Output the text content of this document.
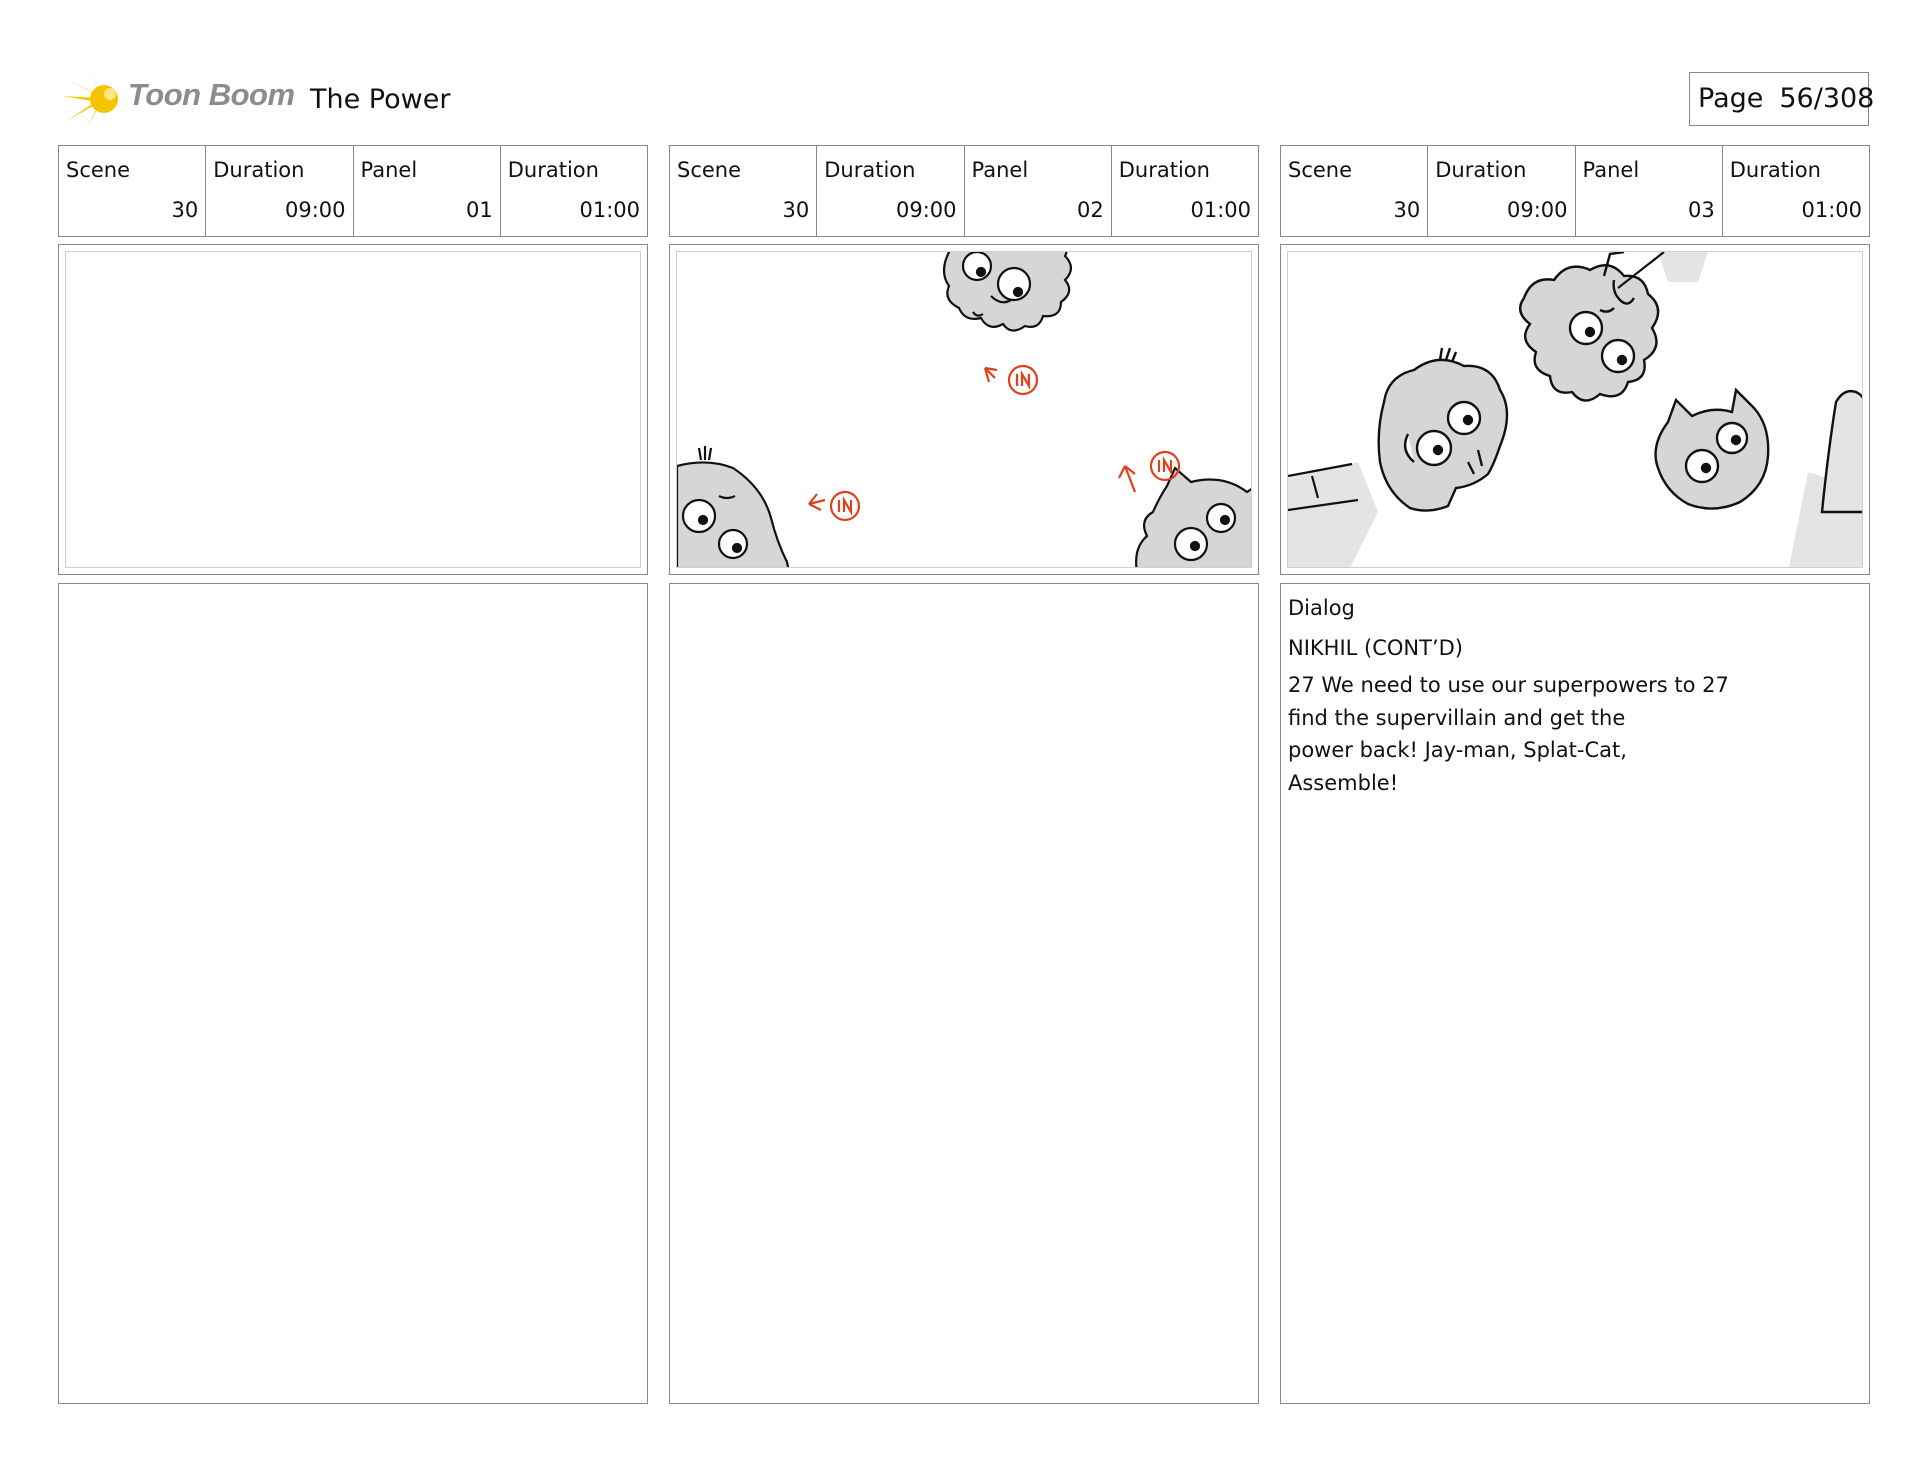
Toon Boom The Power	Page 56/308
Scene
30
Duration
09:00
Panel
01
Duration
01:00
Scene
30
Duration
09:00
Panel
02
Duration
01:00
Scene
30
Duration
09:00
Panel
03
Duration
01:00
Dialog
NIKHIL (CONT’D)
27 We need to use our superpowers to 27
find the supervillain and get the
power back! Jay-man, Splat-Cat,
Assemble!
